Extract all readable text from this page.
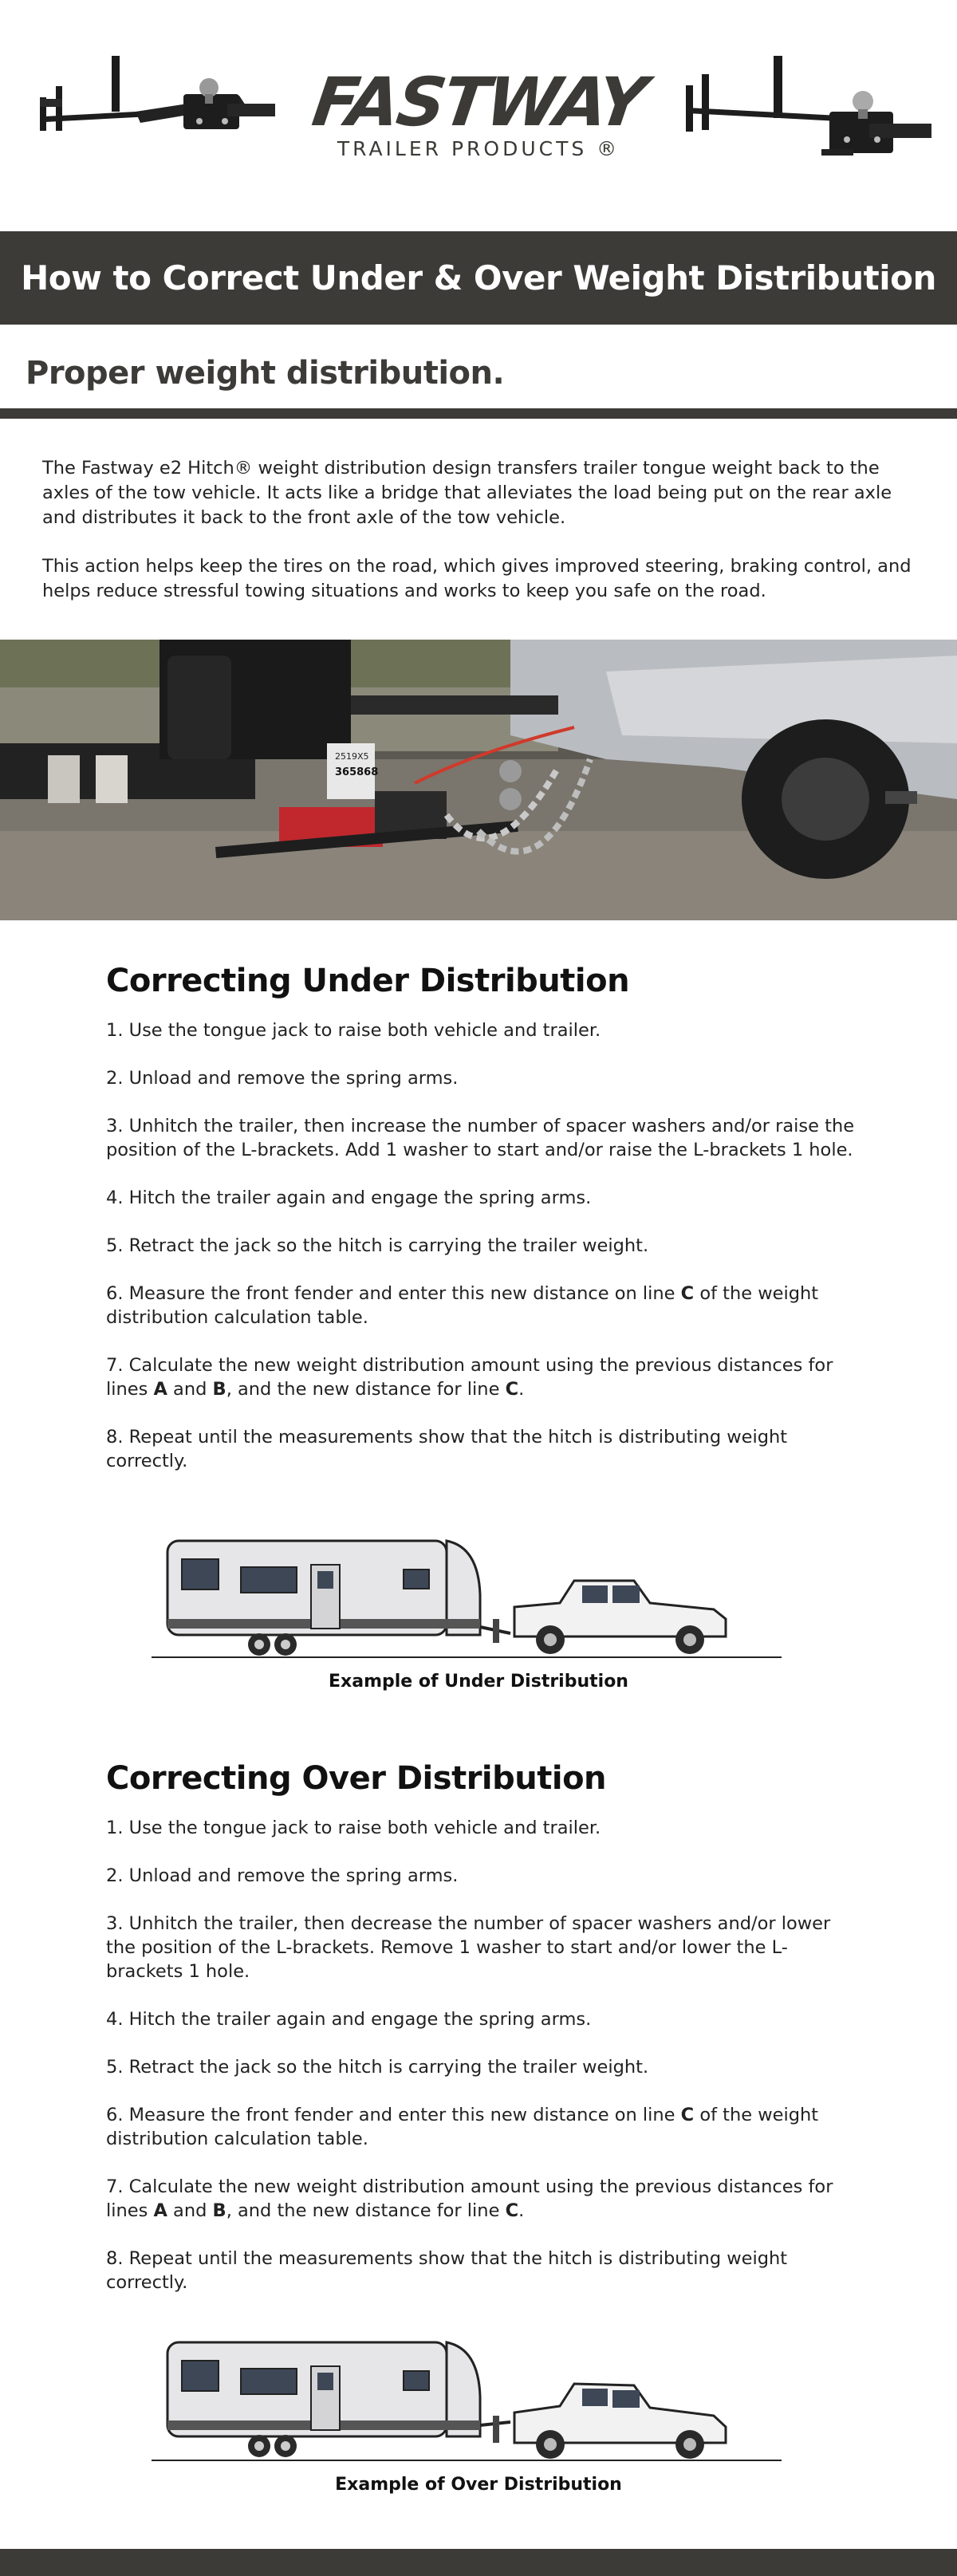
FASTWAY
TRAILER PRODUCTS ®
How to Correct Under & Over Weight Distribution
Proper weight distribution.

The Fastway e2 Hitch® weight distribution design transfers trailer tongue weight back to the axles of the tow vehicle. It acts like a bridge that alleviates the load being put on the rear axle and distributes it back to the front axle of the tow vehicle.

This action helps keep the tires on the road, which gives improved steering, braking control, and helps reduce stressful towing situations and works to keep you safe on the road.

2519X5
365868
Correcting Under Distribution
1. Use the tongue jack to raise both vehicle and trailer.
2. Unload and remove the spring arms.
3. Unhitch the trailer, then increase the number of spacer washers and/or raise the position of the L-brackets. Add 1 washer to start and/or raise the L-brackets 1 hole.
4. Hitch the trailer again and engage the spring arms.
5. Retract the jack so the hitch is carrying the trailer weight.
6. Measure the front fender and enter this new distance on line C of the weight distribution calculation table.
7. Calculate the new weight distribution amount using the previous distances for lines A and B, and the new distance for line C.
8. Repeat until the measurements show that the hitch is distributing weight correctly.
Example of Under Distribution
Correcting Over Distribution
1. Use the tongue jack to raise both vehicle and trailer.
2. Unload and remove the spring arms.
3. Unhitch the trailer, then decrease the number of spacer washers and/or lower the position of the L-brackets. Remove 1 washer to start and/or lower the L-brackets 1 hole.
4. Hitch the trailer again and engage the spring arms.
5. Retract the jack so the hitch is carrying the trailer weight.
6. Measure the front fender and enter this new distance on line C of the weight distribution calculation table.
7. Calculate the new weight distribution amount using the previous distances for lines A and B, and the new distance for line C.
8. Repeat until the measurements show that the hitch is distributing weight correctly.
Example of Over Distribution
